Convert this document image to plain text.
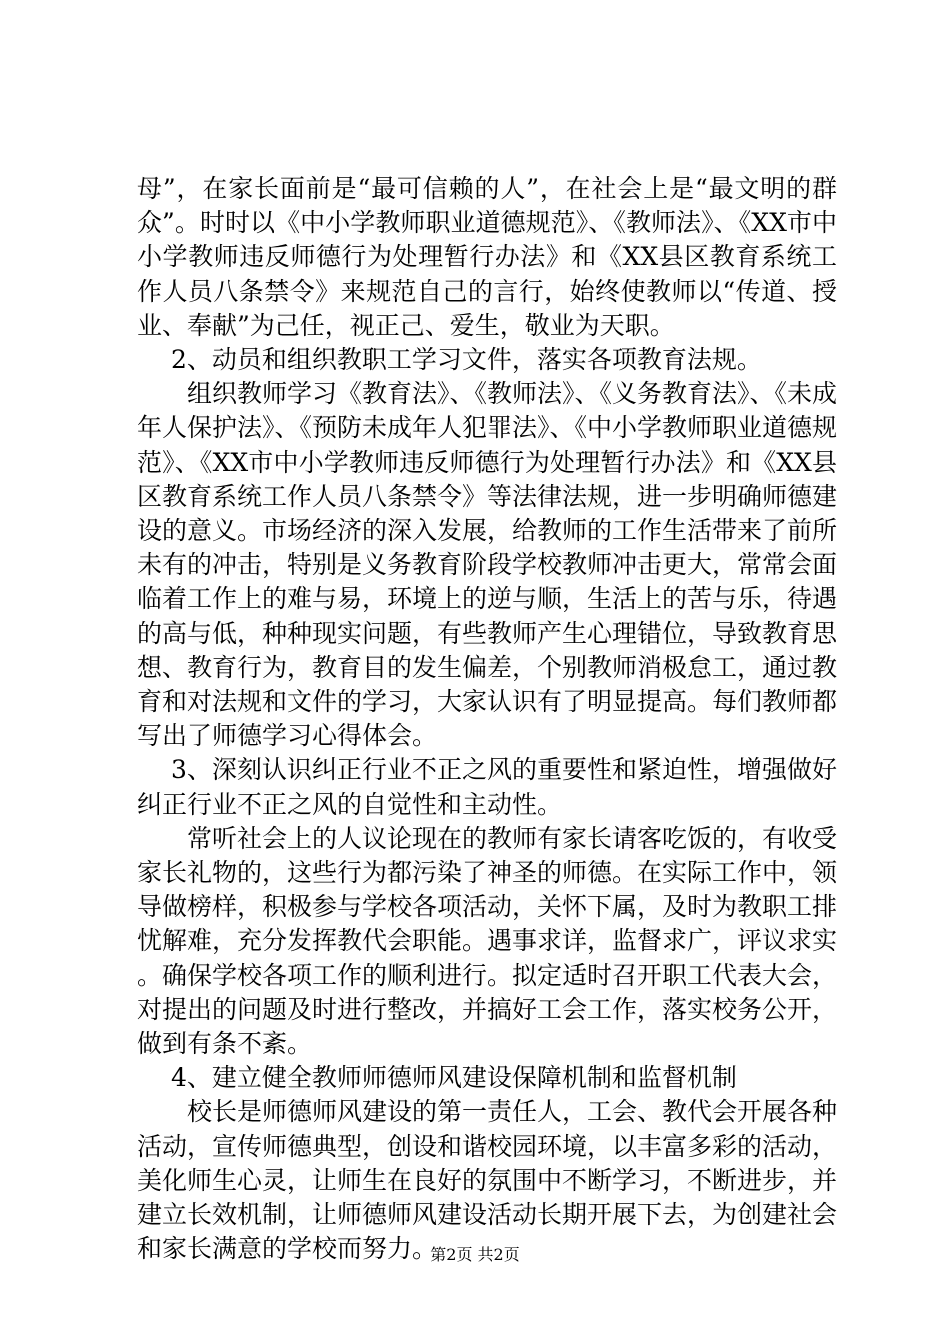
母”，在家长面前是“最可信赖的人”，在社会上是“最文明的群众”。时时以《中小学教师职业道德规范》、《教师法》、《XX市中小学教师违反师德行为处理暂行办法》和《XX县区教育系统工作人员八条禁令》来规范自己的言行，始终使教师以“传道、授业、奉献”为己任，视正己、爱生，敬业为天职。

2、动员和组织教职工学习文件，落实各项教育法规。

组织教师学习《教育法》、《教师法》、《义务教育法》、《未成年人保护法》、《预防未成年人犯罪法》、《中小学教师职业道德规范》、《XX市中小学教师违反师德行为处理暂行办法》和《XX县区教育系统工作人员八条禁令》等法律法规，进一步明确师德建设的意义。市场经济的深入发展，给教师的工作生活带来了前所未有的冲击，特别是义务教育阶段学校教师冲击更大，常常会面临着工作上的难与易，环境上的逆与顺，生活上的苦与乐，待遇的高与低，种种现实问题，有些教师产生心理错位，导致教育思想、教育行为，教育目的发生偏差，个别教师消极怠工，通过教育和对法规和文件的学习，大家认识有了明显提高。每们教师都写出了师德学习心得体会。

3、深刻认识纠正行业不正之风的重要性和紧迫性，增强做好纠正行业不正之风的自觉性和主动性。

常听社会上的人议论现在的教师有家长请客吃饭的，有收受家长礼物的，这些行为都污染了神圣的师德。在实际工作中，领导做榜样，积极参与学校各项活动，关怀下属，及时为教职工排忧解难，充分发挥教代会职能。遇事求详，监督求广，评议求实。确保学校各项工作的顺利进行。拟定适时召开职工代表大会，对提出的问题及时进行整改，并搞好工会工作，落实校务公开，做到有条不紊。

4、建立健全教师师德师风建设保障机制和监督机制

校长是师德师风建设的第一责任人，工会、教代会开展各种活动，宣传师德典型，创设和谐校园环境，以丰富多彩的活动，美化师生心灵，让师生在良好的氛围中不断学习，不断进步，并建立长效机制，让师德师风建设活动长期开展下去，为创建社会和家长满意的学校而努力。

第2页 共2页
